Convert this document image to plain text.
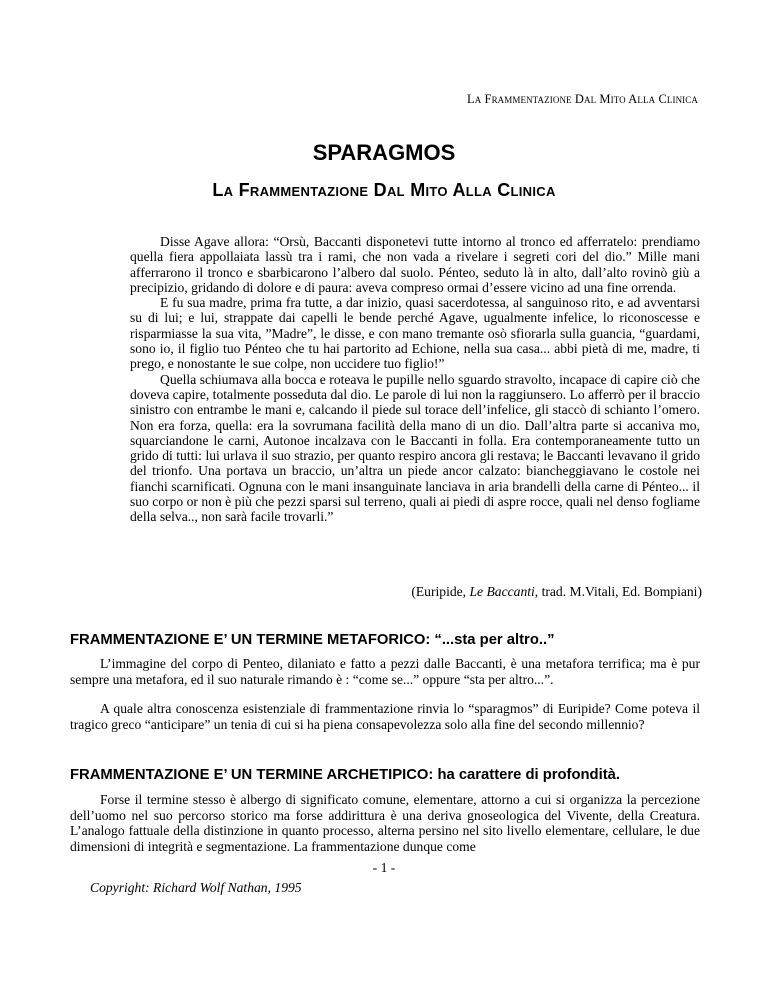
La Frammentazione Dal Mito Alla Clinica
SPARAGMOS
La Frammentazione Dal Mito Alla Clinica

Disse Agave allora: “Orsù, Baccanti disponetevi tutte intorno al tronco ed afferratelo: prendiamo quella fiera appollaiata lassù tra i rami, che non vada a rivelare i segreti cori del dio.” Mille mani afferrarono il tronco e sbarbicarono l’albero dal suolo. Pénteo, seduto là in alto, dall’alto rovinò giù a precipizio, gridando di dolore e di paura: aveva compreso ormai d’essere vicino ad una fine orrenda.

E fu sua madre, prima fra tutte, a dar inizio, quasi sacerdotessa, al sanguinoso rito, e ad avventarsi su di lui; e lui, strappate dai capelli le bende perché Agave, ugualmente infelice, lo riconoscesse e risparmiasse la sua vita, ”Madre”, le disse, e con mano tremante osò sfiorarla sulla guancia, “guardami, sono io, il figlio tuo Pénteo che tu hai partorito ad Echione, nella sua casa... abbi pietà di me, madre, ti prego, e nonostante le sue colpe, non uccidere tuo figlio!”

Quella schiumava alla bocca e roteava le pupille nello sguardo stravolto, incapace di capire ciò che doveva capire, totalmente posseduta dal dio. Le parole di lui non la raggiunsero. Lo afferrò per il braccio sinistro con entrambe le mani e, calcando il piede sul torace dell’infelice, gli staccò di schianto l’omero. Non era forza, quella: era la sovrumana facilità della mano di un dio. Dall’altra parte si accaniva mo, squarciandone le carni, Autonoe incalzava con le Baccanti in folla. Era contemporaneamente tutto un grido di tutti: lui urlava il suo strazio, per quanto respiro ancora gli restava; le Baccanti levavano il grido del trionfo. Una portava un braccio, un’altra un piede ancor calzato: biancheggiavano le costole nei fianchi scarnificati. Ognuna con le mani insanguinate lanciava in aria brandelli della carne di Pénteo... il suo corpo or non è più che pezzi sparsi sul terreno, quali ai piedi di aspre rocce, quali nel denso fogliame della selva.., non sarà facile trovarli.”

(Euripide, Le Baccanti, trad. M.Vitali, Ed. Bompiani)
FRAMMENTAZIONE E’ UN TERMINE METAFORICO: “...sta per altro..”

L’immagine del corpo di Penteo, dilaniato e fatto a pezzi dalle Baccanti, è una metafora terrifica; ma è pur sempre una metafora, ed il suo naturale rimando è : “come se...” oppure “sta per altro...”.

A quale altra conoscenza esistenziale di frammentazione rinvia lo “sparagmos” di Euripide? Come poteva il tragico greco “anticipare” un tenia di cui si ha piena consapevolezza solo alla fine del secondo millennio?

FRAMMENTAZIONE E’ UN TERMINE ARCHETIPICO: ha carattere di profondità.

Forse il termine stesso è albergo di significato comune, elementare, attorno a cui si organizza la percezione dell’uomo nel suo percorso storico ma forse addirittura è una deriva gnoseologica del Vivente, della Creatura. L’analogo fattuale della distinzione in quanto processo, alterna persino nel sito livello elementare, cellulare, le due dimensioni di integrità e segmentazione. La frammentazione dunque come

- 1 -
Copyright: Richard Wolf Nathan, 1995
